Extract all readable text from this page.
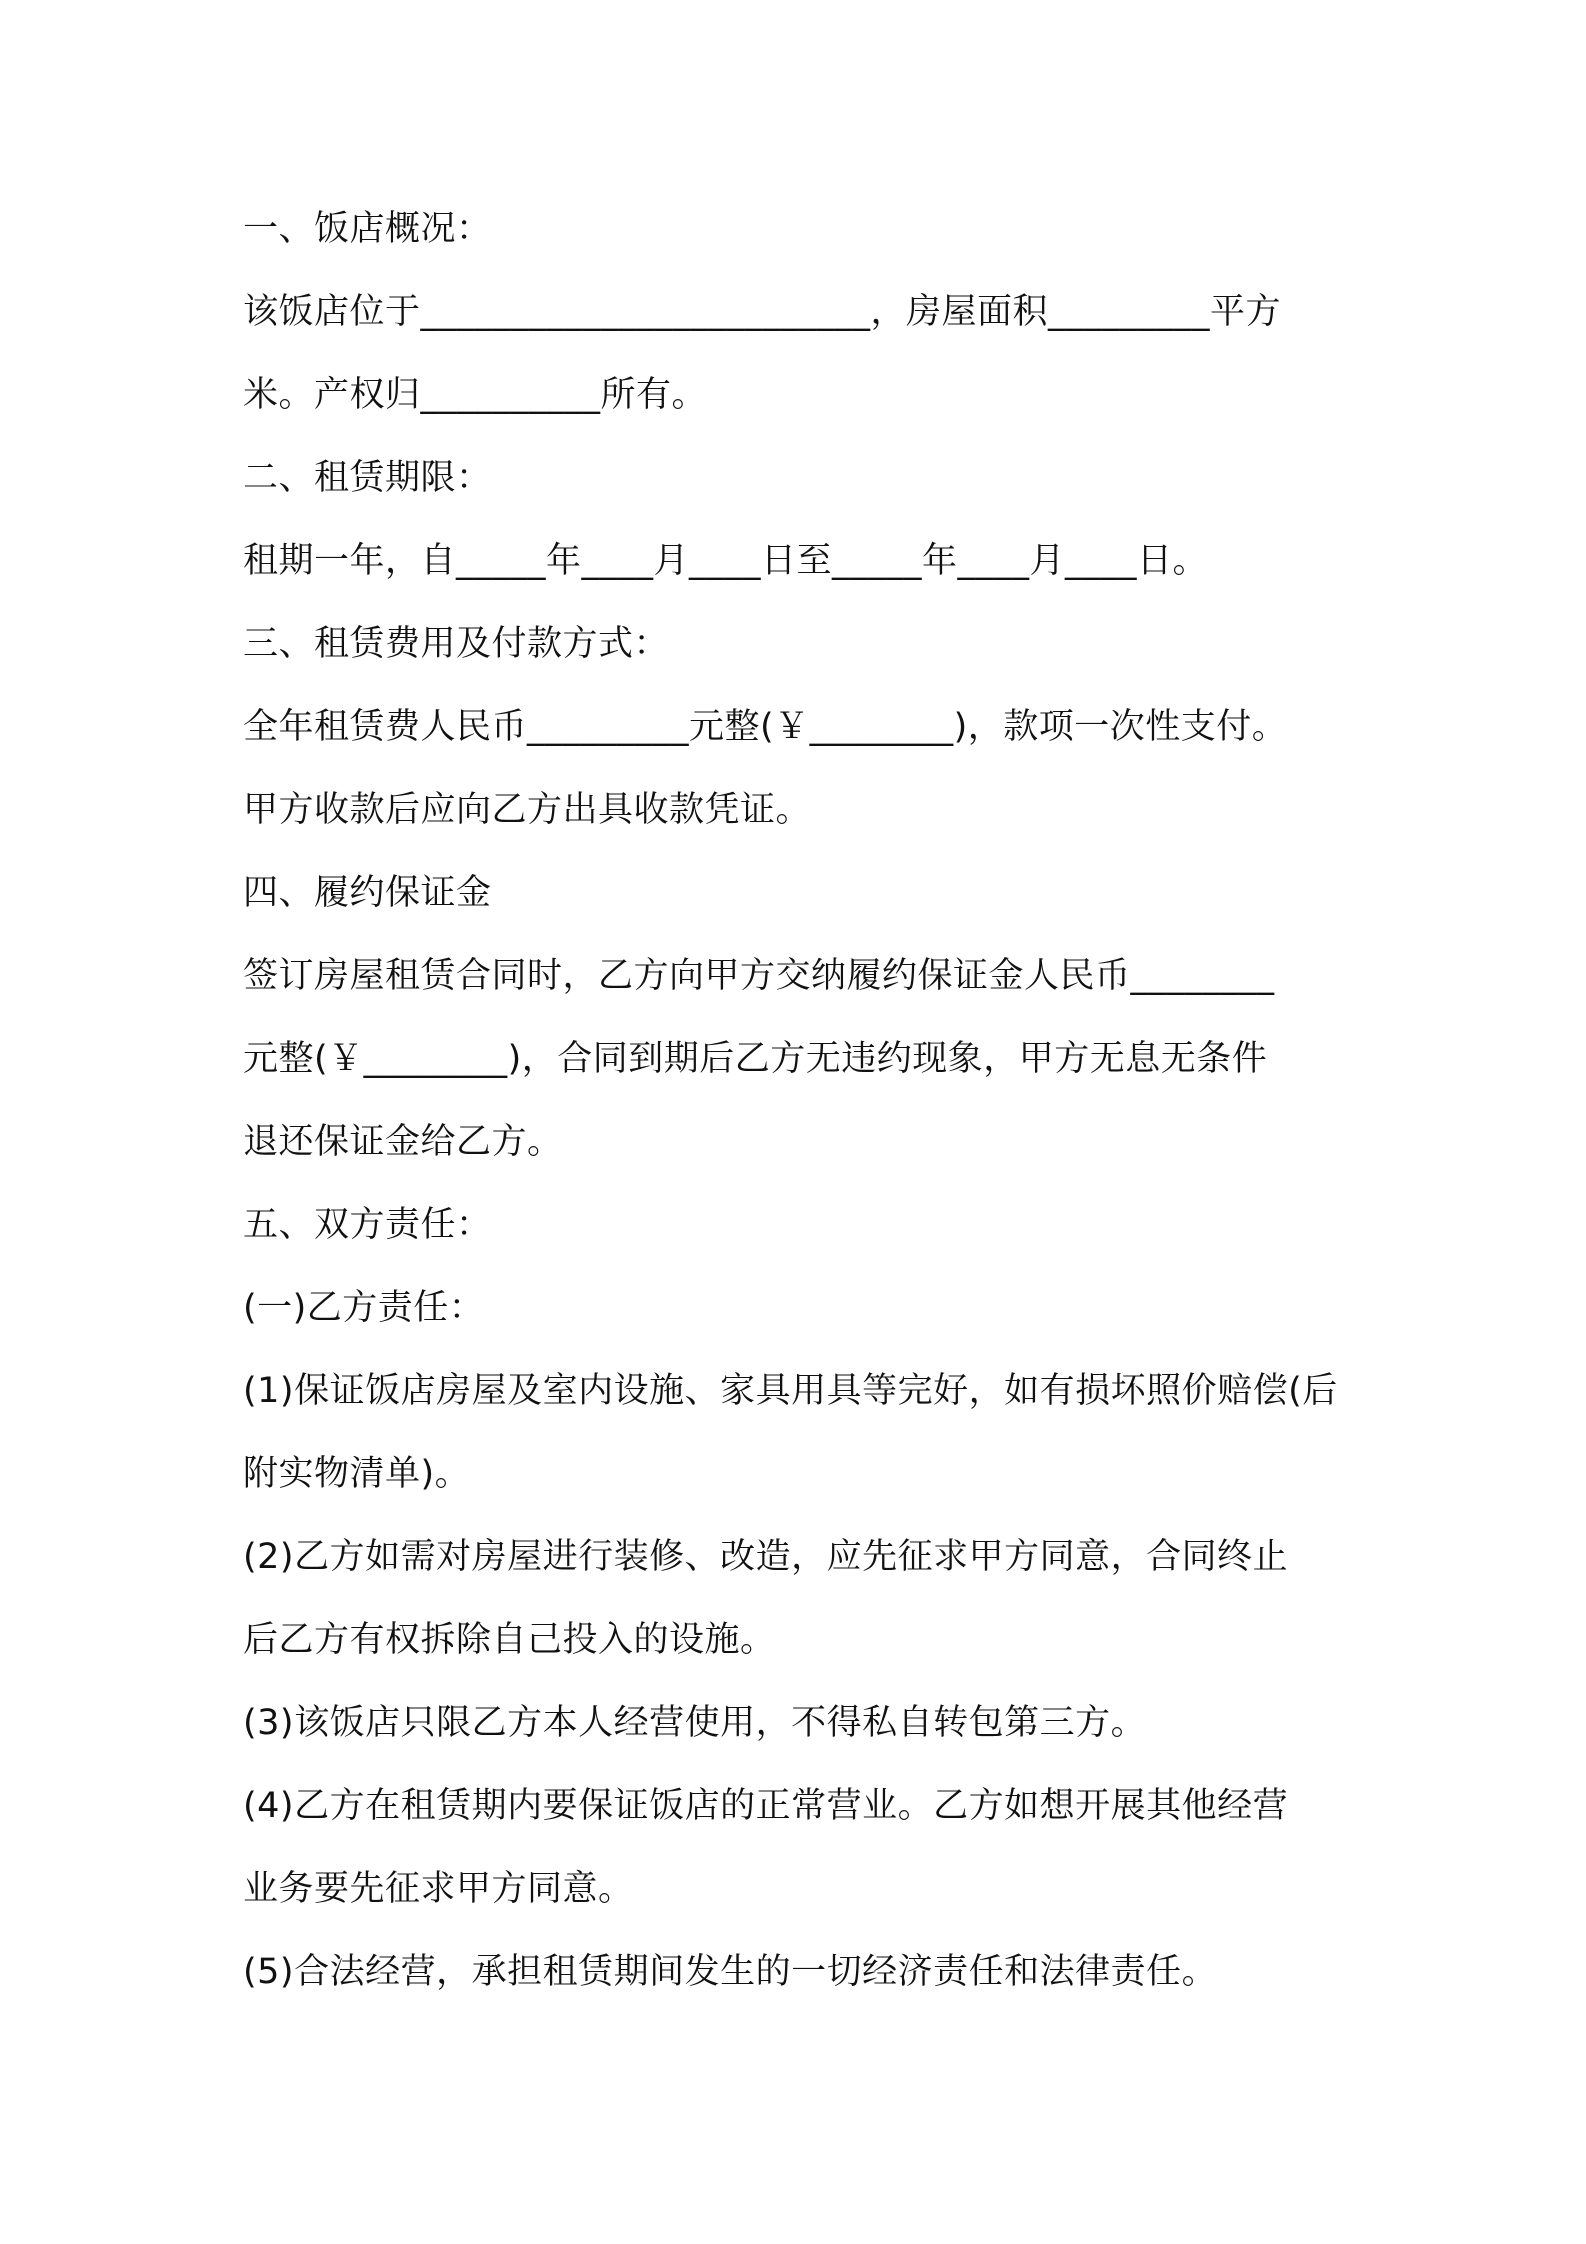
一、饭店概况：
该饭店位于_________________________，房屋面积_________平方
米。产权归__________所有。
二、租赁期限：
租期一年，自_____年____月____日至_____年____月____日。
三、租赁费用及付款方式：
全年租赁费人民币_________元整(￥________)，款项一次性支付。
甲方收款后应向乙方出具收款凭证。
四、履约保证金
签订房屋租赁合同时，乙方向甲方交纳履约保证金人民币________
元整(￥________)，合同到期后乙方无违约现象，甲方无息无条件
退还保证金给乙方。
五、双方责任：
(一)乙方责任：
(1)保证饭店房屋及室内设施、家具用具等完好，如有损坏照价赔偿(后
附实物清单)。
(2)乙方如需对房屋进行装修、改造，应先征求甲方同意，合同终止
后乙方有权拆除自己投入的设施。
(3)该饭店只限乙方本人经营使用，不得私自转包第三方。
(4)乙方在租赁期内要保证饭店的正常营业。乙方如想开展其他经营
业务要先征求甲方同意。
(5)合法经营，承担租赁期间发生的一切经济责任和法律责任。
